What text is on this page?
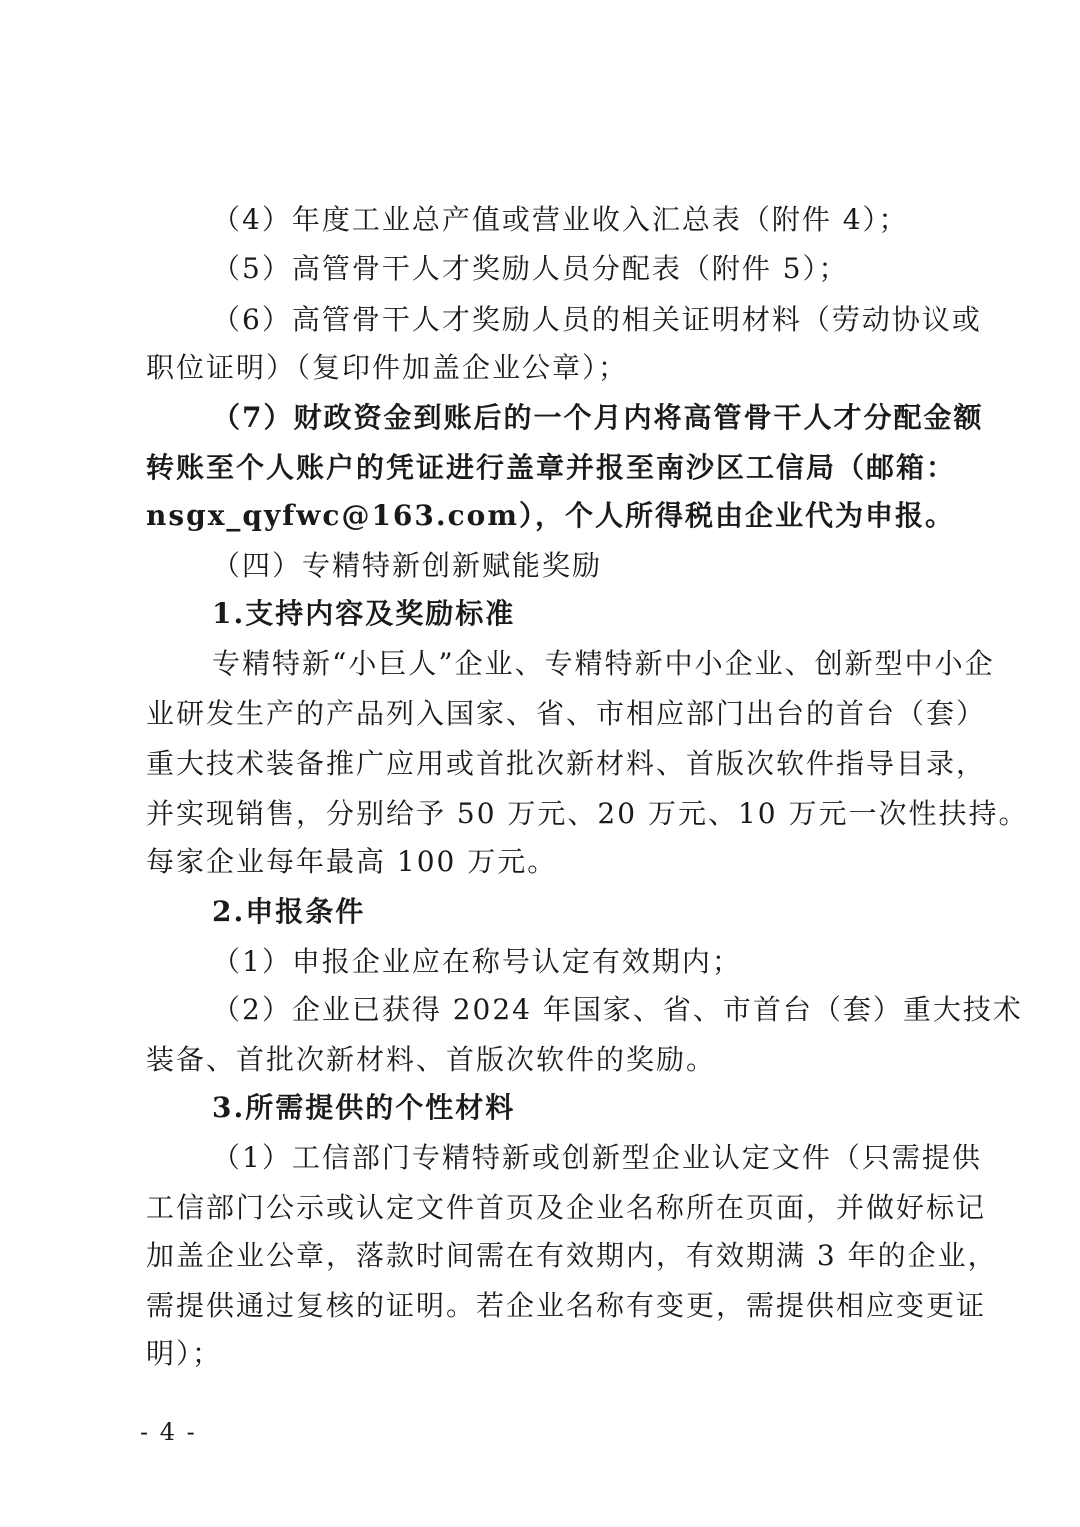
（4）年度工业总产值或营业收入汇总表（附件 4）；
（5）高管骨干人才奖励人员分配表（附件 5）；
（6）高管骨干人才奖励人员的相关证明材料（劳动协议或
职位证明）（复印件加盖企业公章）；
（7）财政资金到账后的一个月内将高管骨干人才分配金额
转账至个人账户的凭证进行盖章并报至南沙区工信局（邮箱：
nsgx_qyfwc@163.com），个人所得税由企业代为申报。
（四）专精特新创新赋能奖励
1.支持内容及奖励标准
专精特新“小巨人”企业、专精特新中小企业、创新型中小企
业研发生产的产品列入国家、省、市相应部门出台的首台（套）
重大技术装备推广应用或首批次新材料、首版次软件指导目录，
并实现销售，分别给予 50 万元、20 万元、10 万元一次性扶持。
每家企业每年最高 100 万元。
2.申报条件
（1）申报企业应在称号认定有效期内；
（2）企业已获得 2024 年国家、省、市首台（套）重大技术
装备、首批次新材料、首版次软件的奖励。
3.所需提供的个性材料
（1）工信部门专精特新或创新型企业认定文件（只需提供
工信部门公示或认定文件首页及企业名称所在页面，并做好标记
加盖企业公章，落款时间需在有效期内，有效期满 3 年的企业，
需提供通过复核的证明。若企业名称有变更，需提供相应变更证
明）；
- 4 -
